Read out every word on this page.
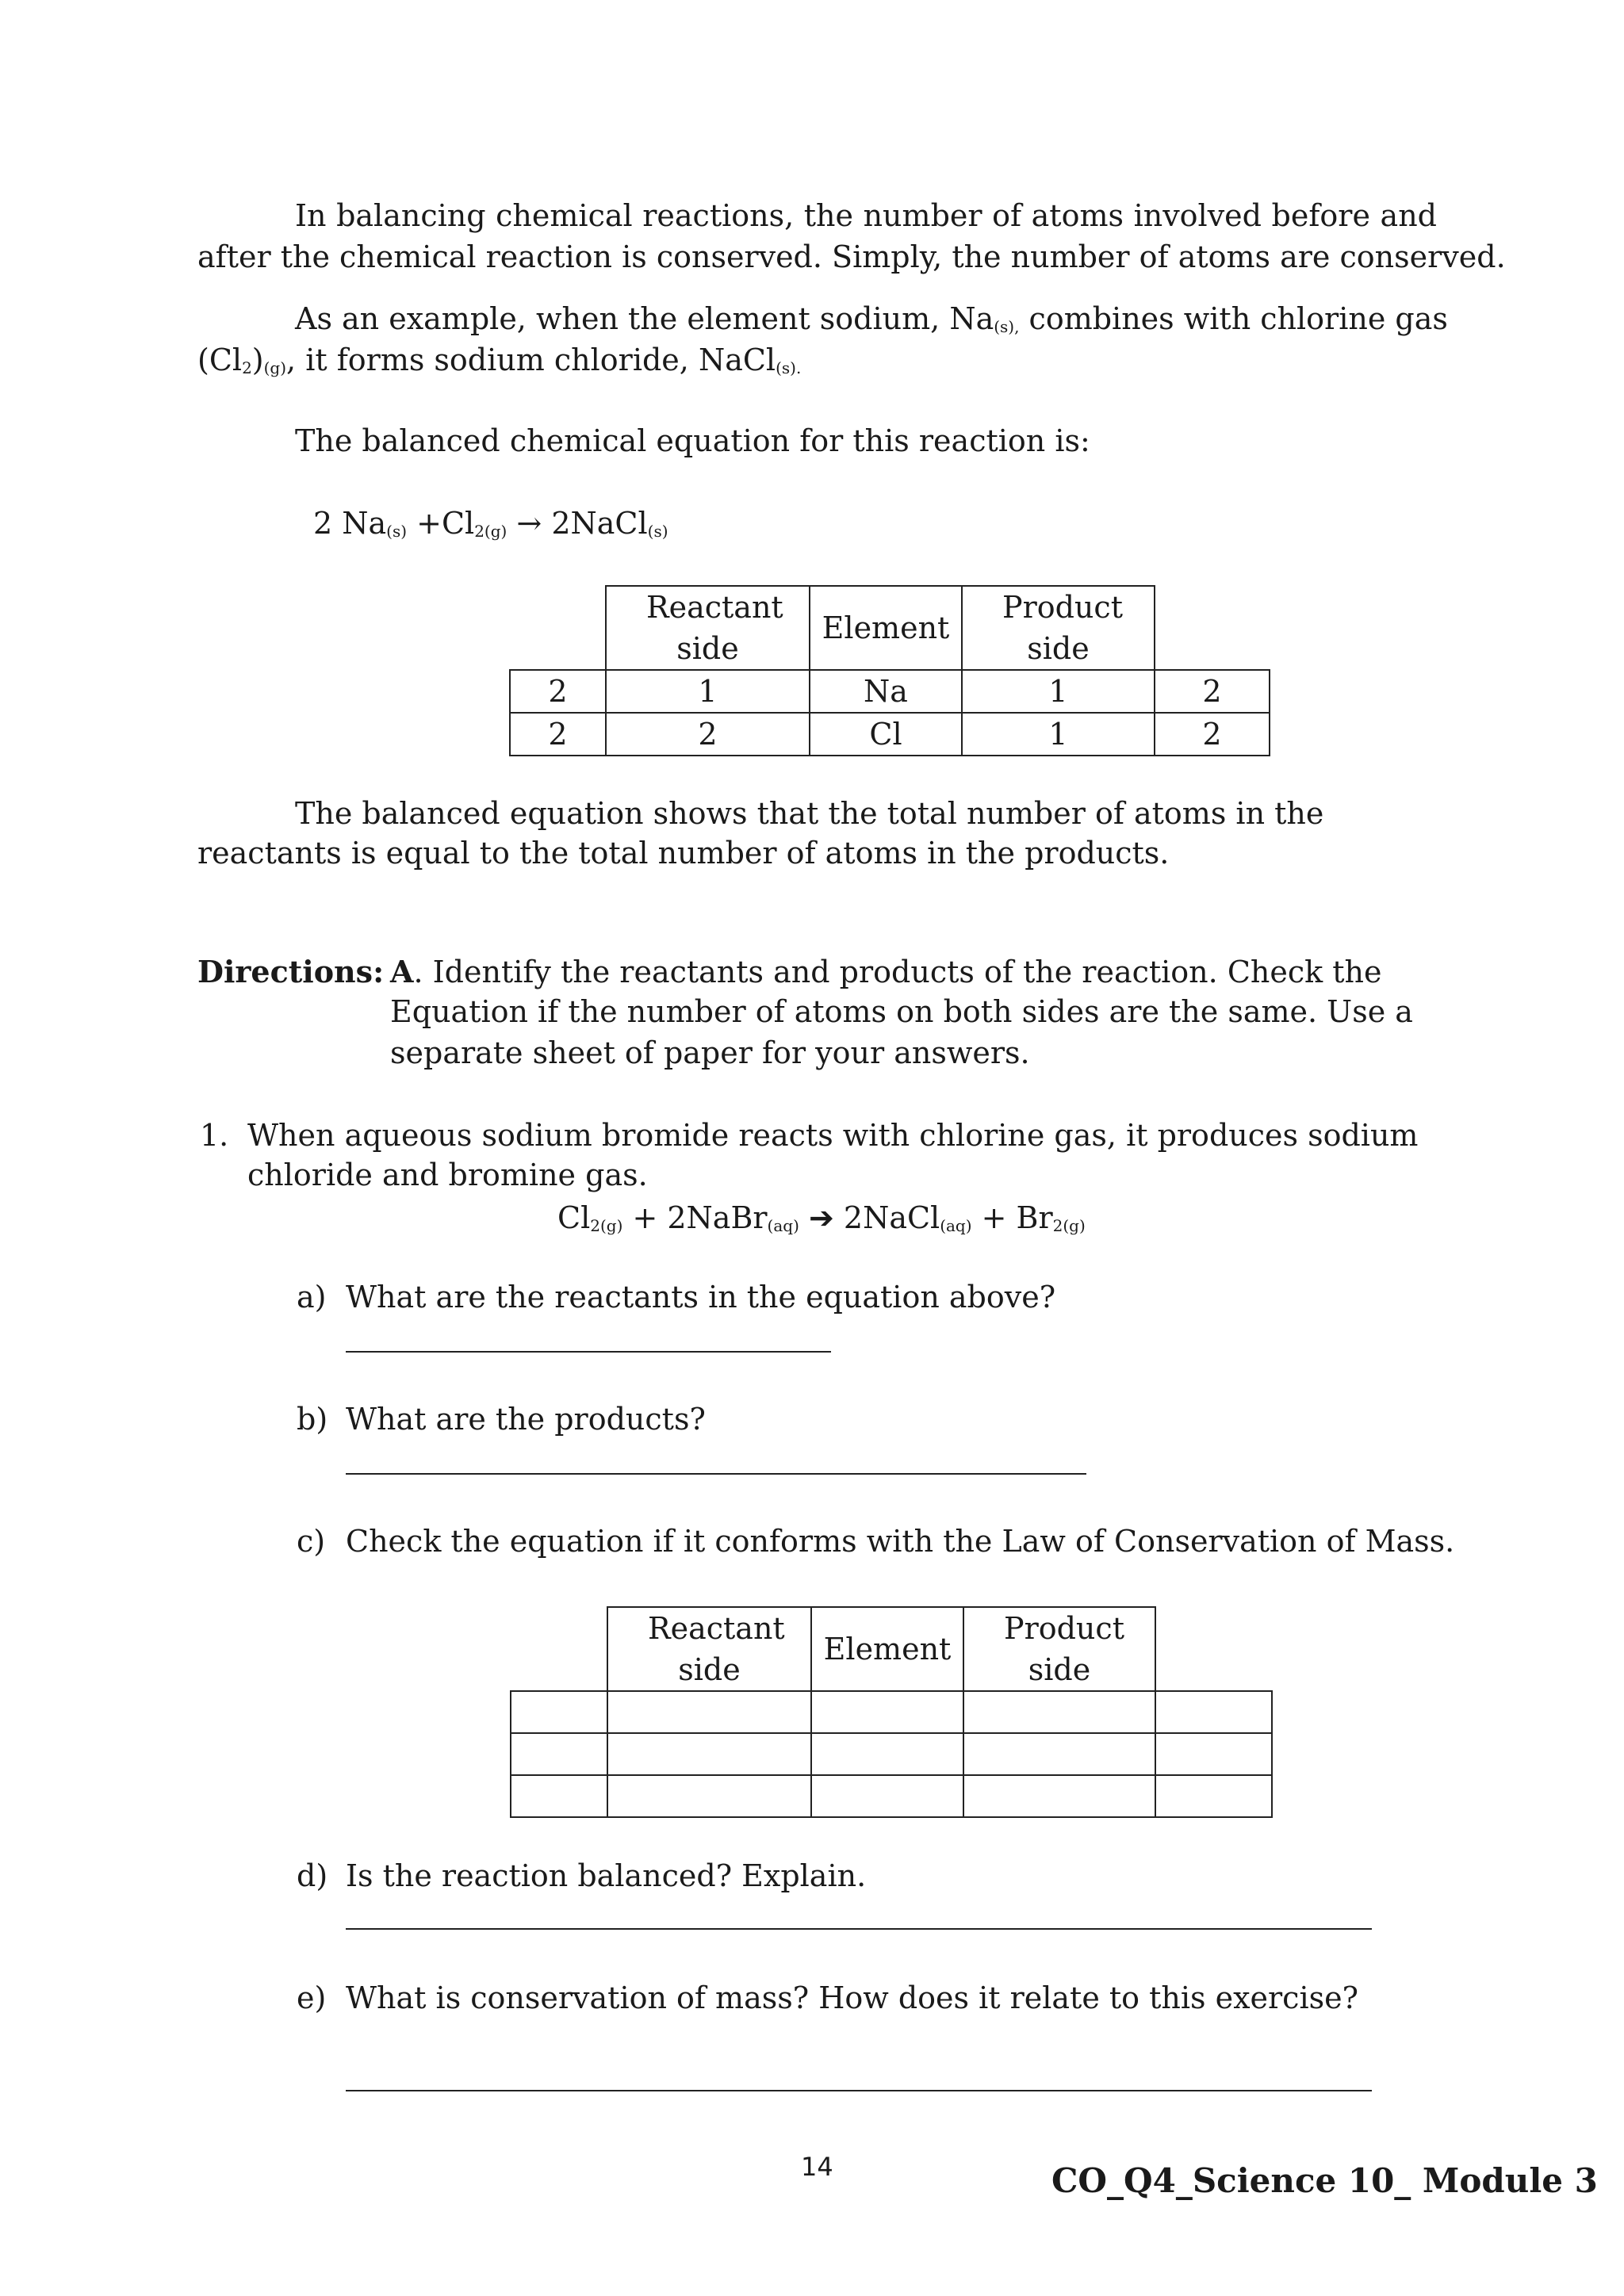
In balancing chemical reactions, the number of atoms involved before and
after the chemical reaction is conserved. Simply, the number of atoms are conserved.
As an example, when the element sodium, $Na_{(s),}$ combines with chlorine gas
$(Cl_2)_{(g)}$, it forms sodium chloride, NaCl$_{(s).}$
The balanced chemical equation for this reaction is:
2 $Na_{(s)} +Cl_{2(g)}$ → 2NaCl$_{(s)}$
	Reactant side	Element	Product side	
2	1	Na	1	2
2	2	Cl	1	2
The balanced equation shows that the total number of atoms in the
reactants is equal to the total number of atoms in the products.
Directions: A. Identify the reactants and products of the reaction. Check the
Equation if the number of atoms on both sides are the same. Use a
separate sheet of paper for your answers.
1. When aqueous sodium bromide reacts with chlorine gas, it produces sodium
chloride and bromine gas.
$Cl_{2(g)}$ + 2NaBr$_{(aq)}$ ➔ 2NaCl$_{(aq)}$ + $Br_{2(g)}$
a) What are the reactants in the equation above?
b) What are the products?
c) Check the equation if it conforms with the Law of Conservation of Mass.
	Reactant side	Element	Product side	

d) Is the reaction balanced? Explain.
e) What is conservation of mass? How does it relate to this exercise?
14	CO_Q4_Science 10_ Module 3
